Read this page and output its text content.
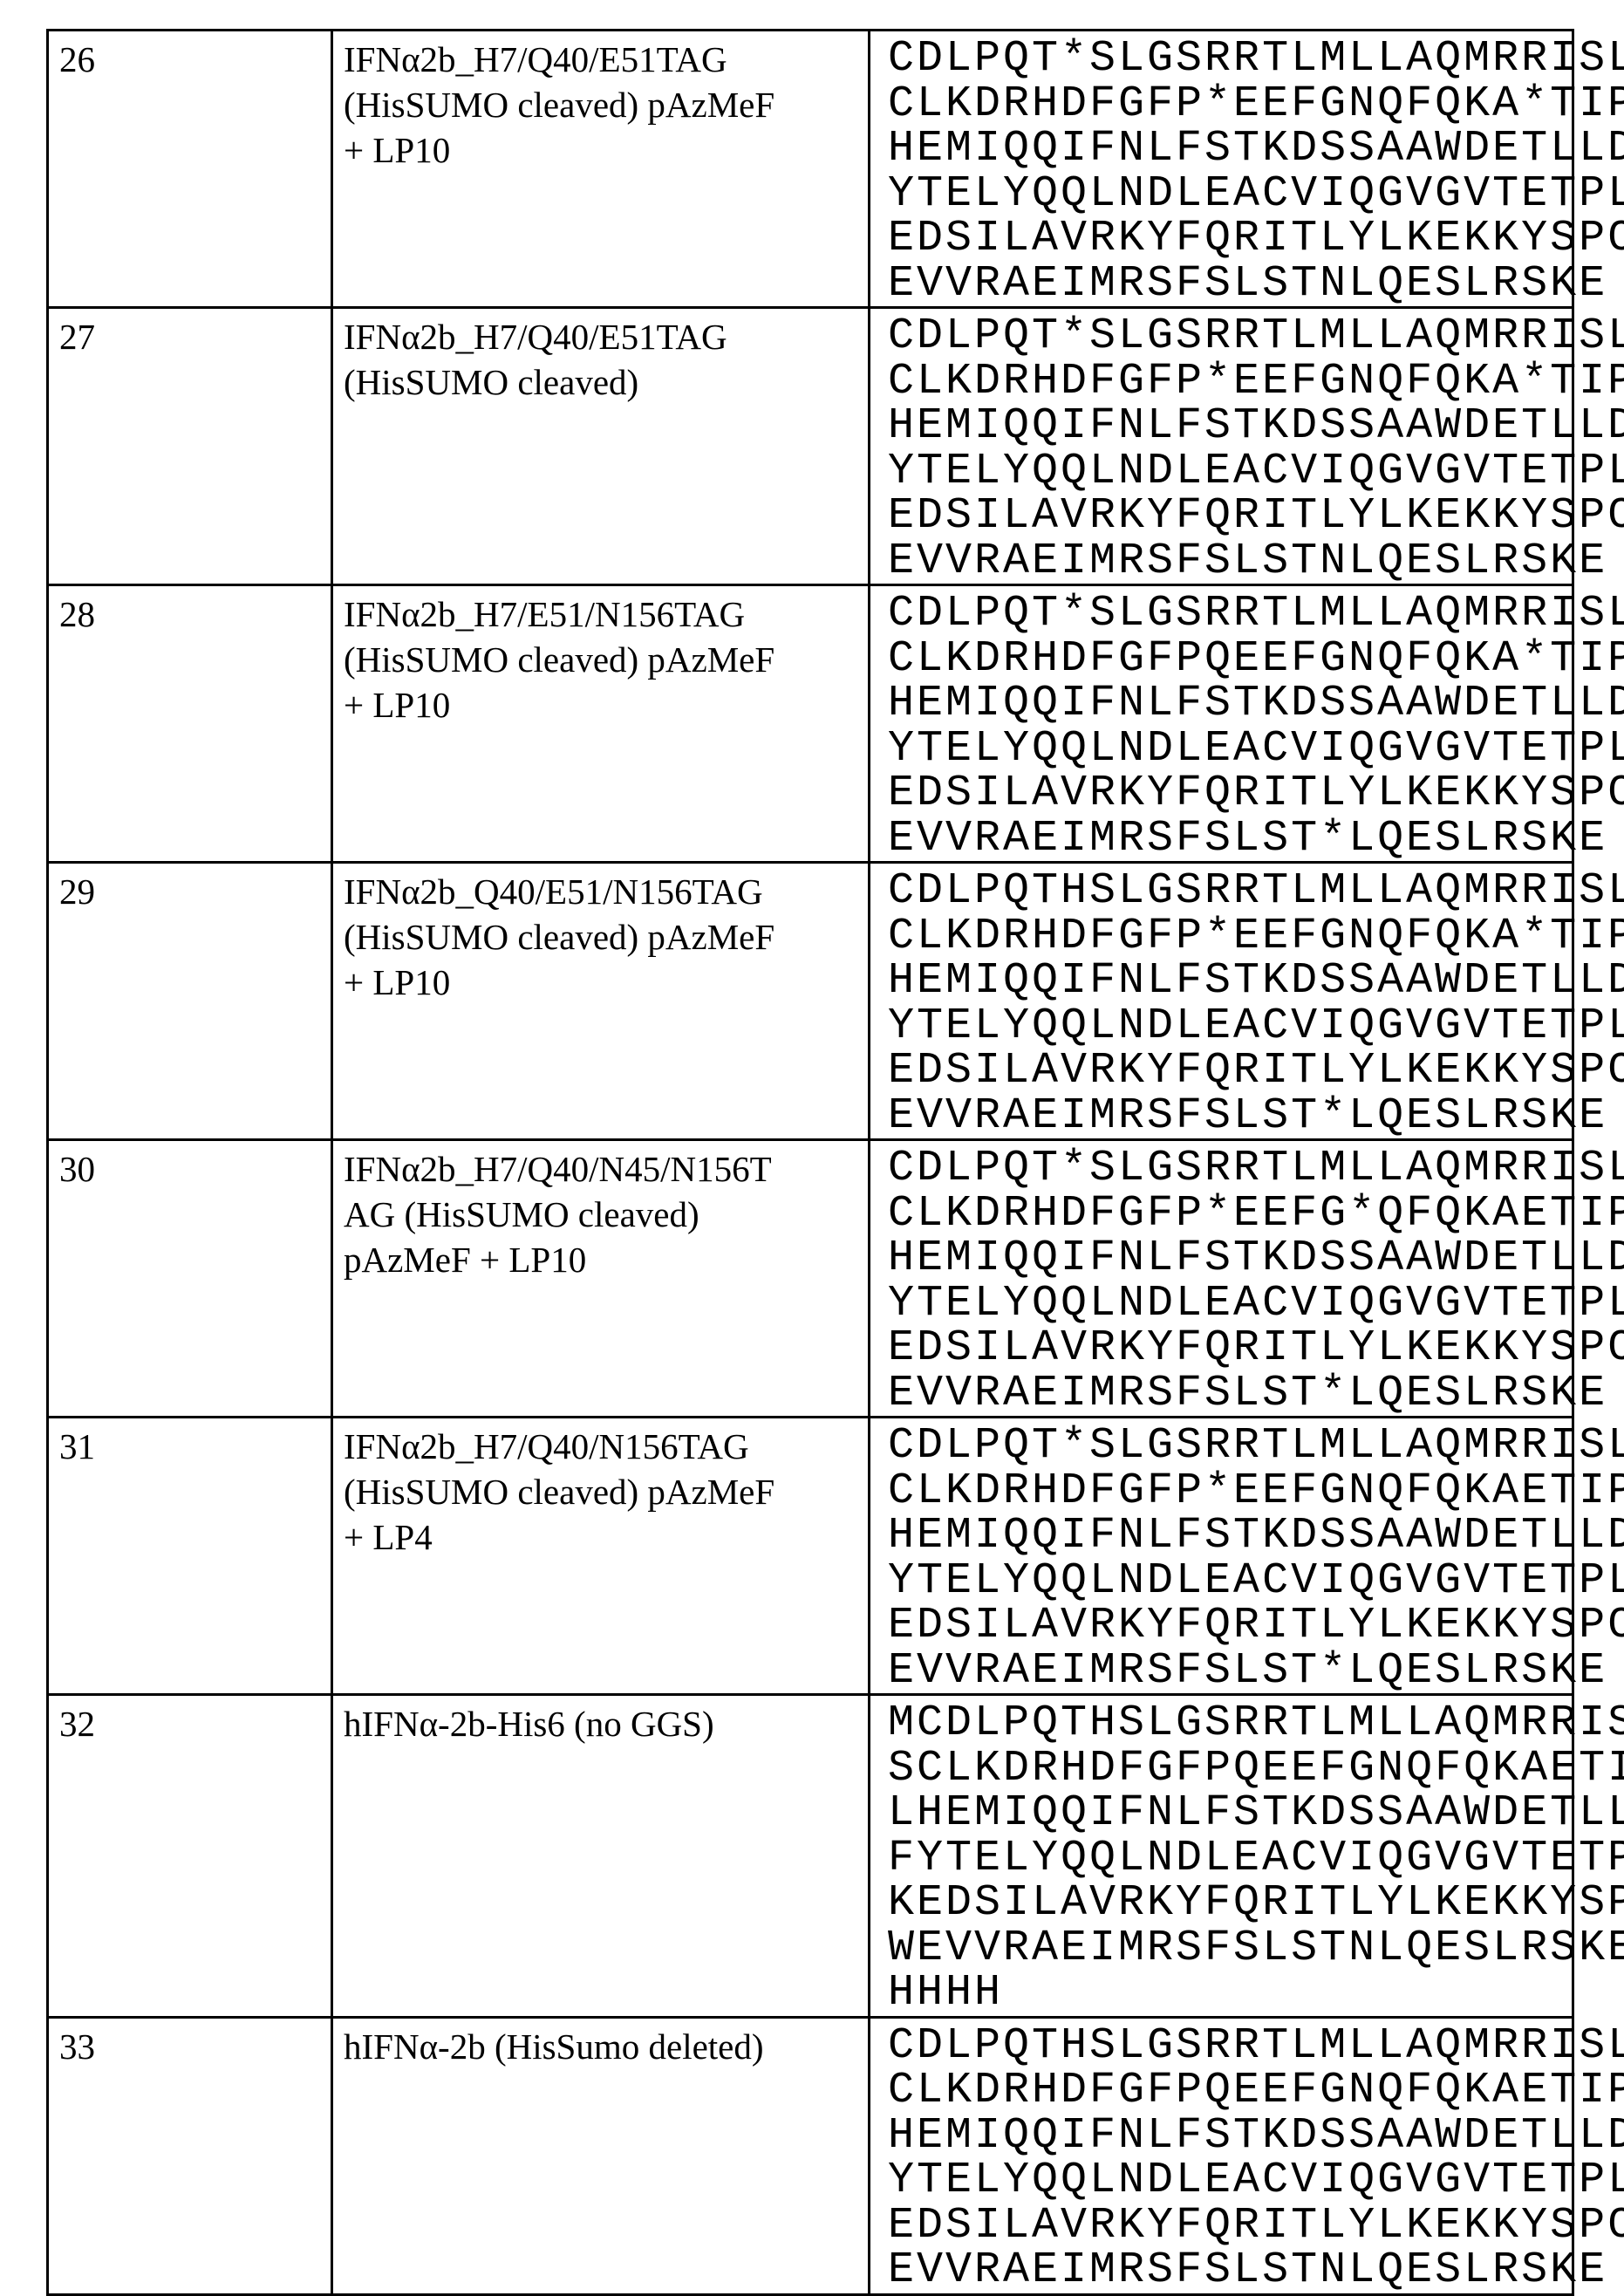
26	IFNα2b_H7/Q40/E51TAG
(HisSUMO cleaved) pAzMeF
+ LP10

CDLPQT*SLGSRRTLMLLAQMRRISLFS
CLKDRHDFGFP*EEFGNQFQKA*TIPVL
HEMIQQIFNLFSTKDSSAAWDETLLDKF
YTELYQQLNDLEACVIQGVGVTETPLMK
EDSILAVRKYFQRITLYLKEKKYSPCAW
EVVRAEIMRSFSLSTNLQESLRSKE

27	IFNα2b_H7/Q40/E51TAG
(HisSUMO cleaved)

CDLPQT*SLGSRRTLMLLAQMRRISLFS
CLKDRHDFGFP*EEFGNQFQKA*TIPVL
HEMIQQIFNLFSTKDSSAAWDETLLDKF
YTELYQQLNDLEACVIQGVGVTETPLMK
EDSILAVRKYFQRITLYLKEKKYSPCAW
EVVRAEIMRSFSLSTNLQESLRSKE

28	IFNα2b_H7/E51/N156TAG
(HisSUMO cleaved) pAzMeF
+ LP10

CDLPQT*SLGSRRTLMLLAQMRRISLFS
CLKDRHDFGFPQEEFGNQFQKA*TIPVL
HEMIQQIFNLFSTKDSSAAWDETLLDKF
YTELYQQLNDLEACVIQGVGVTETPLMK
EDSILAVRKYFQRITLYLKEKKYSPCAW
EVVRAEIMRSFSLST*LQESLRSKE

29	IFNα2b_Q40/E51/N156TAG
(HisSUMO cleaved) pAzMeF
+ LP10

CDLPQTHSLGSRRTLMLLAQMRRISLFS
CLKDRHDFGFP*EEFGNQFQKA*TIPVL
HEMIQQIFNLFSTKDSSAAWDETLLDKF
YTELYQQLNDLEACVIQGVGVTETPLMK
EDSILAVRKYFQRITLYLKEKKYSPCAW
EVVRAEIMRSFSLST*LQESLRSKE

30	IFNα2b_H7/Q40/N45/N156T
AG (HisSUMO cleaved)
pAzMeF + LP10

CDLPQT*SLGSRRTLMLLAQMRRISLFS
CLKDRHDFGFP*EEFG*QFQKAETIPVL
HEMIQQIFNLFSTKDSSAAWDETLLDKF
YTELYQQLNDLEACVIQGVGVTETPLMK
EDSILAVRKYFQRITLYLKEKKYSPCAW
EVVRAEIMRSFSLST*LQESLRSKE

31	IFNα2b_H7/Q40/N156TAG
(HisSUMO cleaved) pAzMeF
+ LP4

CDLPQT*SLGSRRTLMLLAQMRRISLFS
CLKDRHDFGFP*EEFGNQFQKAETIPVL
HEMIQQIFNLFSTKDSSAAWDETLLDKF
YTELYQQLNDLEACVIQGVGVTETPLMK
EDSILAVRKYFQRITLYLKEKKYSPCAW
EVVRAEIMRSFSLST*LQESLRSKE

32	hIFNα-2b-His6 (no GGS)	MCDLPQTHSLGSRRTLMLLAQMRRISLF
SCLKDRHDFGFPQEEFGNQFQKAETIPV
LHEMIQQIFNLFSTKDSSAAWDETLLDK
FYTELYQQLNDLEACVIQGVGVTETPLM
KEDSILAVRKYFQRITLYLKEKKYSPCA
WEVVRAEIMRSFSLSTNLQESLRSKEHH
HHHH

33	hIFNα-2b (HisSumo deleted)	CDLPQTHSLGSRRTLMLLAQMRRISLFS
CLKDRHDFGFPQEEFGNQFQKAETIPVL
HEMIQQIFNLFSTKDSSAAWDETLLDKF
YTELYQQLNDLEACVIQGVGVTETPLMK
EDSILAVRKYFQRITLYLKEKKYSPCAW
EVVRAEIMRSFSLSTNLQESLRSKE
